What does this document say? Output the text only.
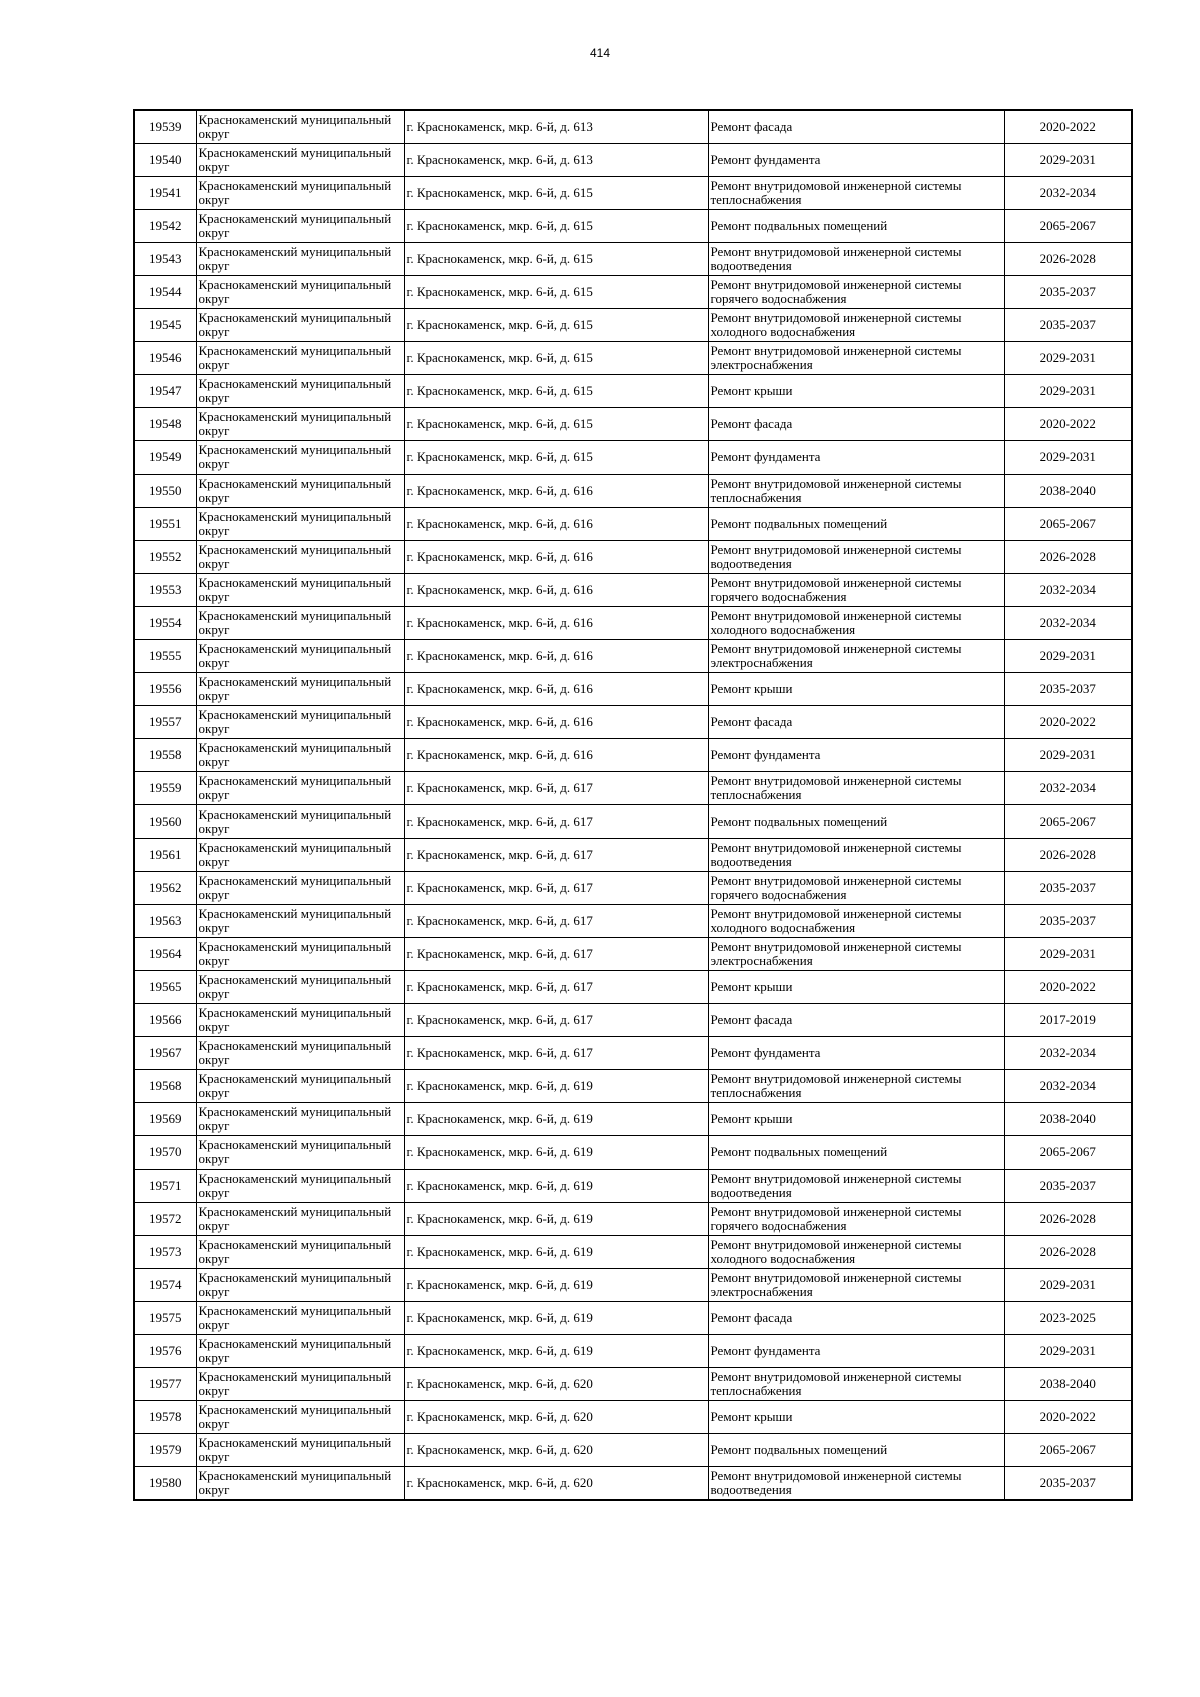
414
19539	Краснокаменский муниципальный округ	г. Краснокаменск, мкр. 6-й, д. 613	Ремонт фасада	2020-2022
19540	Краснокаменский муниципальный округ	г. Краснокаменск, мкр. 6-й, д. 613	Ремонт фундамента	2029-2031
19541	Краснокаменский муниципальный округ	г. Краснокаменск, мкр. 6-й, д. 615	Ремонт внутридомовой инженерной системы теплоснабжения	2032-2034
19542	Краснокаменский муниципальный округ	г. Краснокаменск, мкр. 6-й, д. 615	Ремонт подвальных помещений	2065-2067
19543	Краснокаменский муниципальный округ	г. Краснокаменск, мкр. 6-й, д. 615	Ремонт внутридомовой инженерной системы водоотведения	2026-2028
19544	Краснокаменский муниципальный округ	г. Краснокаменск, мкр. 6-й, д. 615	Ремонт внутридомовой инженерной системы горячего водоснабжения	2035-2037
19545	Краснокаменский муниципальный округ	г. Краснокаменск, мкр. 6-й, д. 615	Ремонт внутридомовой инженерной системы холодного водоснабжения	2035-2037
19546	Краснокаменский муниципальный округ	г. Краснокаменск, мкр. 6-й, д. 615	Ремонт внутридомовой инженерной системы электроснабжения	2029-2031
19547	Краснокаменский муниципальный округ	г. Краснокаменск, мкр. 6-й, д. 615	Ремонт крыши	2029-2031
19548	Краснокаменский муниципальный округ	г. Краснокаменск, мкр. 6-й, д. 615	Ремонт фасада	2020-2022
19549	Краснокаменский муниципальный округ	г. Краснокаменск, мкр. 6-й, д. 615	Ремонт фундамента	2029-2031
19550	Краснокаменский муниципальный округ	г. Краснокаменск, мкр. 6-й, д. 616	Ремонт внутридомовой инженерной системы теплоснабжения	2038-2040
19551	Краснокаменский муниципальный округ	г. Краснокаменск, мкр. 6-й, д. 616	Ремонт подвальных помещений	2065-2067
19552	Краснокаменский муниципальный округ	г. Краснокаменск, мкр. 6-й, д. 616	Ремонт внутридомовой инженерной системы водоотведения	2026-2028
19553	Краснокаменский муниципальный округ	г. Краснокаменск, мкр. 6-й, д. 616	Ремонт внутридомовой инженерной системы горячего водоснабжения	2032-2034
19554	Краснокаменский муниципальный округ	г. Краснокаменск, мкр. 6-й, д. 616	Ремонт внутридомовой инженерной системы холодного водоснабжения	2032-2034
19555	Краснокаменский муниципальный округ	г. Краснокаменск, мкр. 6-й, д. 616	Ремонт внутридомовой инженерной системы электроснабжения	2029-2031
19556	Краснокаменский муниципальный округ	г. Краснокаменск, мкр. 6-й, д. 616	Ремонт крыши	2035-2037
19557	Краснокаменский муниципальный округ	г. Краснокаменск, мкр. 6-й, д. 616	Ремонт фасада	2020-2022
19558	Краснокаменский муниципальный округ	г. Краснокаменск, мкр. 6-й, д. 616	Ремонт фундамента	2029-2031
19559	Краснокаменский муниципальный округ	г. Краснокаменск, мкр. 6-й, д. 617	Ремонт внутридомовой инженерной системы теплоснабжения	2032-2034
19560	Краснокаменский муниципальный округ	г. Краснокаменск, мкр. 6-й, д. 617	Ремонт подвальных помещений	2065-2067
19561	Краснокаменский муниципальный округ	г. Краснокаменск, мкр. 6-й, д. 617	Ремонт внутридомовой инженерной системы водоотведения	2026-2028
19562	Краснокаменский муниципальный округ	г. Краснокаменск, мкр. 6-й, д. 617	Ремонт внутридомовой инженерной системы горячего водоснабжения	2035-2037
19563	Краснокаменский муниципальный округ	г. Краснокаменск, мкр. 6-й, д. 617	Ремонт внутридомовой инженерной системы холодного водоснабжения	2035-2037
19564	Краснокаменский муниципальный округ	г. Краснокаменск, мкр. 6-й, д. 617	Ремонт внутридомовой инженерной системы электроснабжения	2029-2031
19565	Краснокаменский муниципальный округ	г. Краснокаменск, мкр. 6-й, д. 617	Ремонт крыши	2020-2022
19566	Краснокаменский муниципальный округ	г. Краснокаменск, мкр. 6-й, д. 617	Ремонт фасада	2017-2019
19567	Краснокаменский муниципальный округ	г. Краснокаменск, мкр. 6-й, д. 617	Ремонт фундамента	2032-2034
19568	Краснокаменский муниципальный округ	г. Краснокаменск, мкр. 6-й, д. 619	Ремонт внутридомовой инженерной системы теплоснабжения	2032-2034
19569	Краснокаменский муниципальный округ	г. Краснокаменск, мкр. 6-й, д. 619	Ремонт крыши	2038-2040
19570	Краснокаменский муниципальный округ	г. Краснокаменск, мкр. 6-й, д. 619	Ремонт подвальных помещений	2065-2067
19571	Краснокаменский муниципальный округ	г. Краснокаменск, мкр. 6-й, д. 619	Ремонт внутридомовой инженерной системы водоотведения	2035-2037
19572	Краснокаменский муниципальный округ	г. Краснокаменск, мкр. 6-й, д. 619	Ремонт внутридомовой инженерной системы горячего водоснабжения	2026-2028
19573	Краснокаменский муниципальный округ	г. Краснокаменск, мкр. 6-й, д. 619	Ремонт внутридомовой инженерной системы холодного водоснабжения	2026-2028
19574	Краснокаменский муниципальный округ	г. Краснокаменск, мкр. 6-й, д. 619	Ремонт внутридомовой инженерной системы электроснабжения	2029-2031
19575	Краснокаменский муниципальный округ	г. Краснокаменск, мкр. 6-й, д. 619	Ремонт фасада	2023-2025
19576	Краснокаменский муниципальный округ	г. Краснокаменск, мкр. 6-й, д. 619	Ремонт фундамента	2029-2031
19577	Краснокаменский муниципальный округ	г. Краснокаменск, мкр. 6-й, д. 620	Ремонт внутридомовой инженерной системы теплоснабжения	2038-2040
19578	Краснокаменский муниципальный округ	г. Краснокаменск, мкр. 6-й, д. 620	Ремонт крыши	2020-2022
19579	Краснокаменский муниципальный округ	г. Краснокаменск, мкр. 6-й, д. 620	Ремонт подвальных помещений	2065-2067
19580	Краснокаменский муниципальный округ	г. Краснокаменск, мкр. 6-й, д. 620	Ремонт внутридомовой инженерной системы водоотведения	2035-2037
